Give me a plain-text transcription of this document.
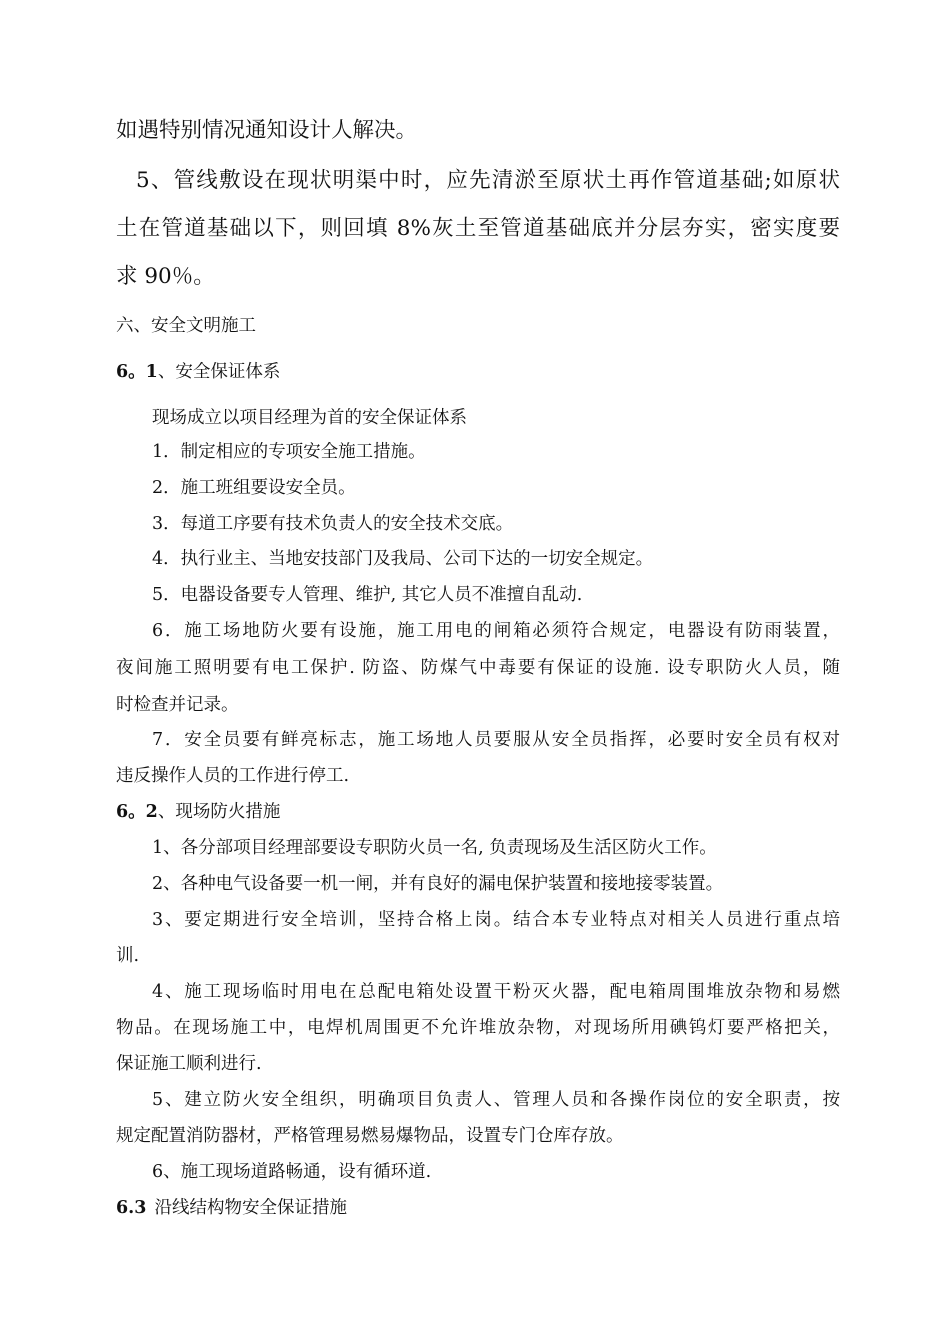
如遇特别情况通知设计人解决。
5、管线敷设在现状明渠中时，应先清淤至原状土再作管道基础;如原状
土在管道基础以下，则回填 8%灰土至管道基础底并分层夯实，密实度要
求 90％。
六、安全文明施工
6。1、安全保证体系
现场成立以项目经理为首的安全保证体系
1．制定相应的专项安全施工措施。
2．施工班组要设安全员。
3．每道工序要有技术负责人的安全技术交底。
4．执行业主、当地安技部门及我局、公司下达的一切安全规定。
5．电器设备要专人管理、维护, 其它人员不准擅自乱动.
6．施工场地防火要有设施，施工用电的闸箱必须符合规定，电器设有防雨装置，
夜间施工照明要有电工保护. 防盗、防煤气中毒要有保证的设施. 设专职防火人员，随
时检查并记录。
7．安全员要有鲜亮标志，施工场地人员要服从安全员指挥，必要时安全员有权对
违反操作人员的工作进行停工.
6。2、现场防火措施
1、各分部项目经理部要设专职防火员一名, 负责现场及生活区防火工作。
2、各种电气设备要一机一闸，并有良好的漏电保护装置和接地接零装置。
3、要定期进行安全培训，坚持合格上岗。结合本专业特点对相关人员进行重点培
训.
4、施工现场临时用电在总配电箱处设置干粉灭火器，配电箱周围堆放杂物和易燃
物品。在现场施工中，电焊机周围更不允许堆放杂物，对现场所用碘钨灯要严格把关，
保证施工顺利进行.
5、建立防火安全组织，明确项目负责人、管理人员和各操作岗位的安全职责，按
规定配置消防器材，严格管理易燃易爆物品，设置专门仓库存放。
6、施工现场道路畅通，设有循环道.
6.3 沿线结构物安全保证措施
